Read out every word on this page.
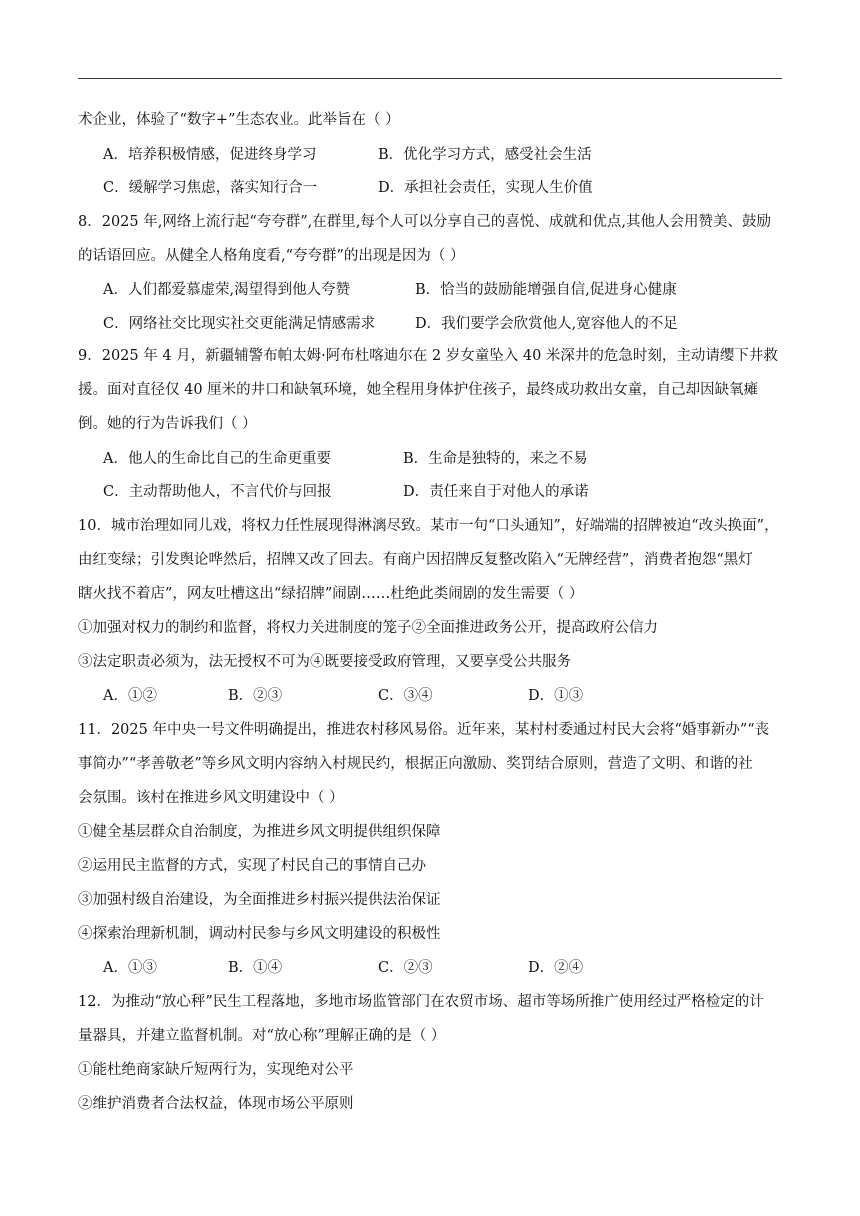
术企业，体验了“数字+”生态农业。此举旨在（ ）
A．培养积极情感，促进终身学习	B．优化学习方式，感受社会生活
C．缓解学习焦虑，落实知行合一	D．承担社会责任，实现人生价值
8．2025 年,网络上流行起“夸夸群”,在群里,每个人可以分享自己的喜悦、成就和优点,其他人会用赞美、鼓励
的话语回应。从健全人格角度看,“夸夸群”的出现是因为（ ）
A．人们都爱慕虚荣,渴望得到他人夸赞	B．恰当的鼓励能增强自信,促进身心健康
C．网络社交比现实社交更能满足情感需求	D．我们要学会欣赏他人,宽容他人的不足
9．2025 年 4 月，新疆辅警布帕太姆·阿布杜喀迪尔在 2 岁女童坠入 40 米深井的危急时刻，主动请缨下井救
援。面对直径仅 40 厘米的井口和缺氧环境，她全程用身体护住孩子，最终成功救出女童，自己却因缺氧瘫
倒。她的行为告诉我们（ ）
A．他人的生命比自己的生命更重要	B．生命是独特的，来之不易
C．主动帮助他人，不言代价与回报	D．责任来自于对他人的承诺
10．城市治理如同儿戏，将权力任性展现得淋漓尽致。某市一句“口头通知”，好端端的招牌被迫“改头换面”，
由红变绿；引发舆论哗然后，招牌又改了回去。有商户因招牌反复整改陷入“无牌经营”，消费者抱怨“黑灯
瞎火找不着店”，网友吐槽这出“绿招牌”闹剧……杜绝此类闹剧的发生需要（ ）
①加强对权力的制约和监督，将权力关进制度的笼子②全面推进政务公开，提高政府公信力
③法定职责必须为，法无授权不可为④既要接受政府管理，又要享受公共服务
A．①②	B．②③	C．③④	D．①③
11．2025 年中央一号文件明确提出，推进农村移风易俗。近年来，某村村委通过村民大会将“婚事新办”“丧
事简办”“孝善敬老”等乡风文明内容纳入村规民约，根据正向激励、奖罚结合原则，营造了文明、和谐的社
会氛围。该村在推进乡风文明建设中（ ）
①健全基层群众自治制度，为推进乡风文明提供组织保障
②运用民主监督的方式，实现了村民自己的事情自己办
③加强村级自治建设，为全面推进乡村振兴提供法治保证
④探索治理新机制，调动村民参与乡风文明建设的积极性
A．①③	B．①④	C．②③	D．②④
12．为推动“放心秤”民生工程落地，多地市场监管部门在农贸市场、超市等场所推广使用经过严格检定的计
量器具，并建立监督机制。对“放心称”理解正确的是（ ）
①能杜绝商家缺斤短两行为，实现绝对公平
②维护消费者合法权益，体现市场公平原则
